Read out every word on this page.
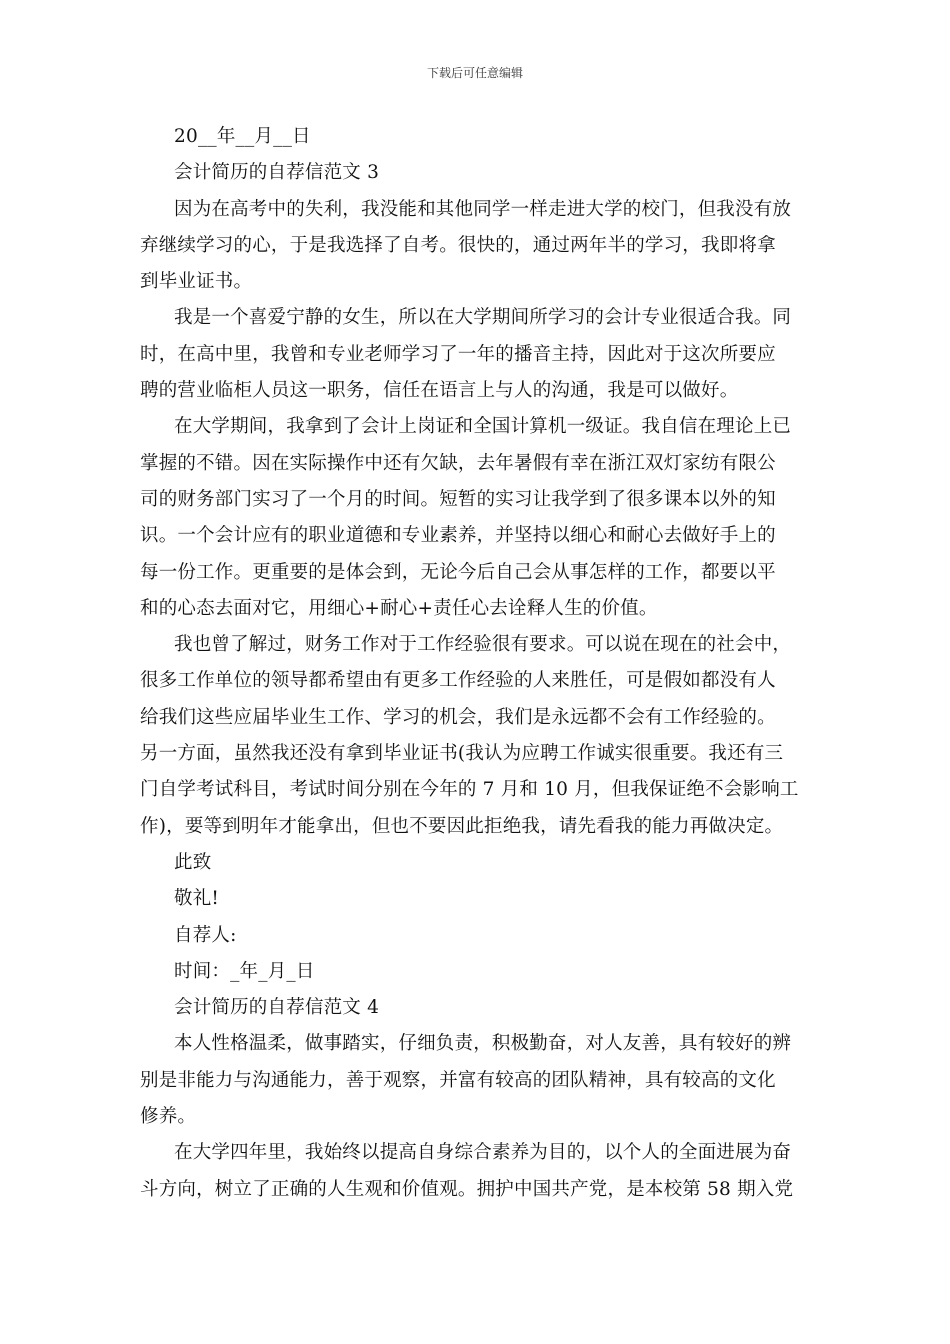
下载后可任意编辑
20__年__月__日
会计简历的自荐信范文 3
因为在高考中的失利，我没能和其他同学一样走进大学的校门，但我没有放
弃继续学习的心，于是我选择了自考。很快的，通过两年半的学习，我即将拿
到毕业证书。
我是一个喜爱宁静的女生，所以在大学期间所学习的会计专业很适合我。同
时，在高中里，我曾和专业老师学习了一年的播音主持，因此对于这次所要应
聘的营业临柜人员这一职务，信任在语言上与人的沟通，我是可以做好。
在大学期间，我拿到了会计上岗证和全国计算机一级证。我自信在理论上已
掌握的不错。因在实际操作中还有欠缺，去年暑假有幸在浙江双灯家纺有限公
司的财务部门实习了一个月的时间。短暂的实习让我学到了很多课本以外的知
识。一个会计应有的职业道德和专业素养，并坚持以细心和耐心去做好手上的
每一份工作。更重要的是体会到，无论今后自己会从事怎样的工作，都要以平
和的心态去面对它，用细心+耐心+责任心去诠释人生的价值。
我也曾了解过，财务工作对于工作经验很有要求。可以说在现在的社会中，
很多工作单位的领导都希望由有更多工作经验的人来胜任，可是假如都没有人
给我们这些应届毕业生工作、学习的机会，我们是永远都不会有工作经验的。
另一方面，虽然我还没有拿到毕业证书(我认为应聘工作诚实很重要。我还有三
门自学考试科目，考试时间分别在今年的 7 月和 10 月，但我保证绝不会影响工
作)，要等到明年才能拿出，但也不要因此拒绝我，请先看我的能力再做决定。
此致
敬礼!
自荐人:
时间：_年_月_日
会计简历的自荐信范文 4
本人性格温柔，做事踏实，仔细负责，积极勤奋，对人友善，具有较好的辨
别是非能力与沟通能力，善于观察，并富有较高的团队精神，具有较高的文化
修养。
在大学四年里，我始终以提高自身综合素养为目的，以个人的全面进展为奋
斗方向，树立了正确的人生观和价值观。拥护中国共产党，是本校第 58 期入党
